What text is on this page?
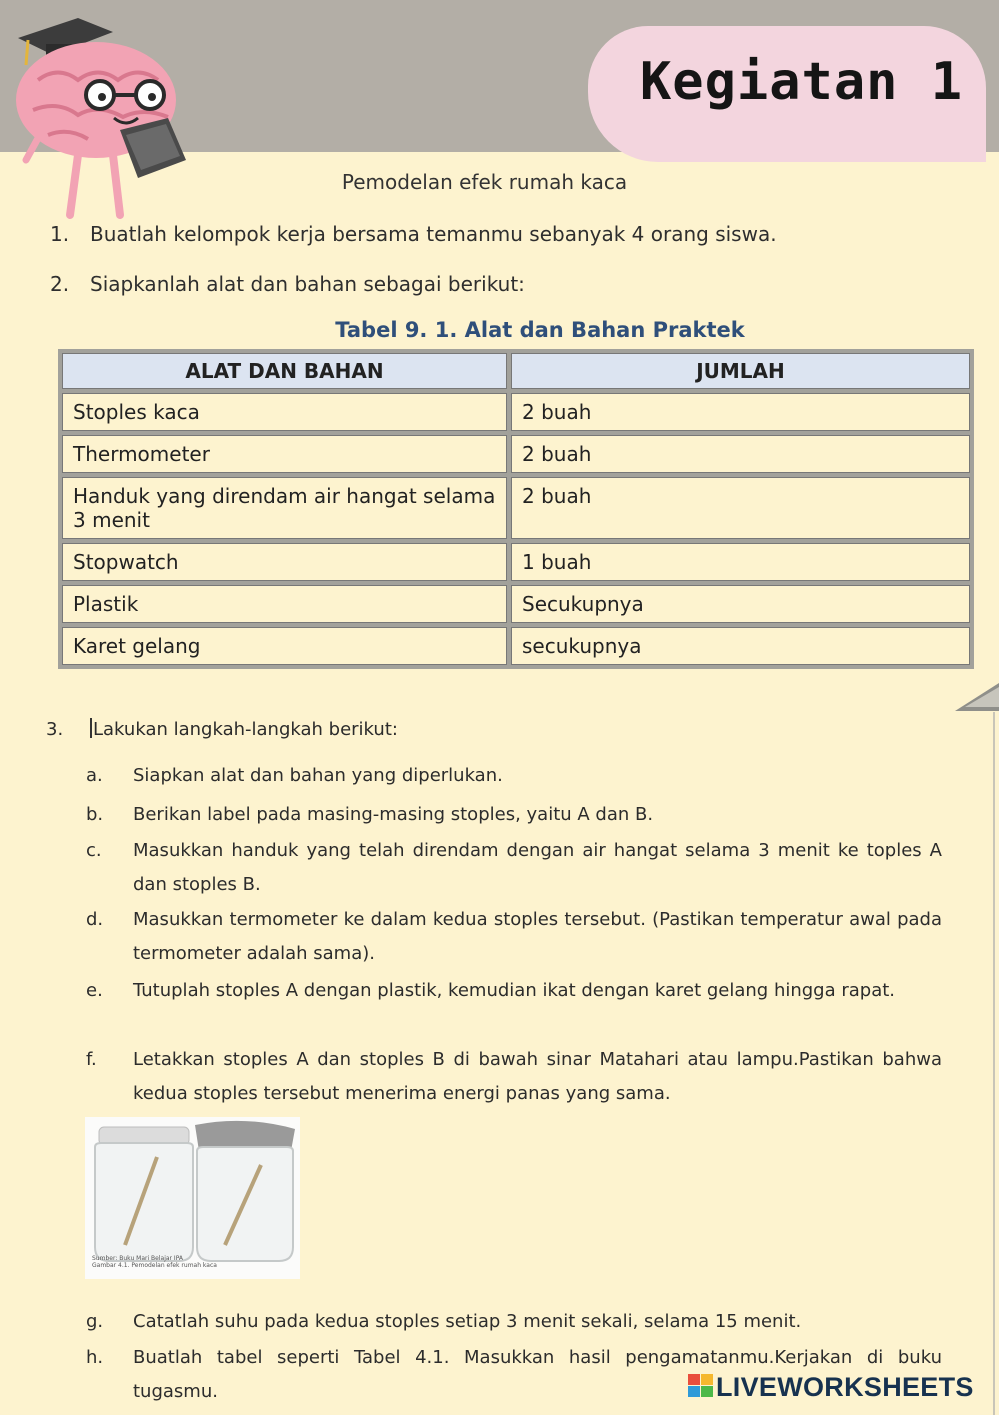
Kegiatan 1
Pemodelan efek rumah kaca
1. Buatlah kelompok kerja bersama temanmu sebanyak 4 orang siswa.
2. Siapkanlah alat dan bahan sebagai berikut:
Tabel 9. 1. Alat dan Bahan Praktek
ALAT DAN BAHAN	JUMLAH
Stoples kaca	2 buah
Thermometer	2 buah
Handuk yang direndam air hangat selama 3 menit	2 buah
Stopwatch	1 buah
Plastik	Secukupnya
Karet gelang	secukupnya
3. Lakukan langkah-langkah berikut:
a.	Siapkan alat dan bahan yang diperlukan.
b.	Berikan label pada masing-masing stoples, yaitu A dan B.
c.	Masukkan handuk yang telah direndam dengan air hangat selama 3 menit ke toples A dan stoples B.
d.	Masukkan termometer ke dalam kedua stoples tersebut. (Pastikan temperatur awal pada termometer adalah sama).
e.	Tutuplah stoples A dengan plastik, kemudian ikat dengan karet gelang hingga rapat.
f.	Letakkan stoples A dan stoples B di bawah sinar Matahari atau lampu.Pastikan bahwa kedua stoples tersebut menerima energi panas yang sama.
Sumber: Buku Mari Belajar IPA
Gambar 4.1. Pemodelan efek rumah kaca
g.	Catatlah suhu pada kedua stoples setiap 3 menit sekali, selama 15 menit.
h.	Buatlah tabel seperti Tabel 4.1. Masukkan hasil pengamatanmu.Kerjakan di buku tugasmu.	LIVEWORKSHEETS
